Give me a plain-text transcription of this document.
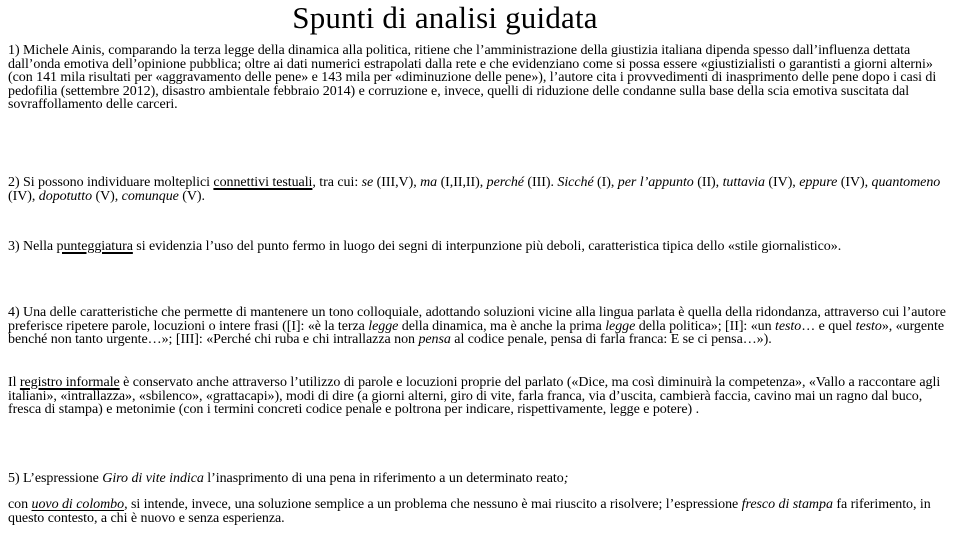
Spunti di analisi guidata
1) Michele Ainis, comparando la terza legge della dinamica alla politica, ritiene che l’amministrazione della giustizia italiana dipenda spesso dall’influenza dettata dall’onda emotiva dell’opinione pubblica; oltre ai dati numerici estrapolati dalla rete e che evidenziano come si possa essere «giustizialisti o garantisti a giorni alterni» (con 141 mila risultati per «aggravamento delle pene» e 143 mila per «diminuzione delle pene»), l’autore cita i provvedimenti di inasprimento delle pene dopo i casi di pedofilia (settembre 2012), disastro ambientale febbraio 2014) e corruzione e, invece, quelli di riduzione delle condanne sulla base della scia emotiva suscitata dal sovraffollamento delle carceri.
2) Si possono individuare molteplici connettivi testuali, tra cui: se (III,V), ma (I,II,II), perché (III). Sicché (I), per l’appunto (II), tuttavia (IV), eppure (IV), quantomeno (IV), dopotutto (V), comunque (V).
3) Nella punteggiatura si evidenzia l’uso del punto fermo in luogo dei segni di interpunzione più deboli, caratteristica tipica dello «stile giornalistico».
4) Una delle caratteristiche che permette di mantenere un tono colloquiale, adottando soluzioni vicine alla lingua parlata è quella della ridondanza, attraverso cui l’autore preferisce ripetere parole, locuzioni o intere frasi ([I]: «è la terza legge della dinamica, ma è anche la prima legge della politica»; [II]: «un testo… e quel testo», «urgente benché non tanto urgente…»; [III]: «Perché chi ruba e chi intrallazza non pensa al codice penale, pensa di farla franca: E se ci pensa…»).
Il registro informale è conservato anche attraverso l’utilizzo di parole e locuzioni proprie del parlato («Dice, ma così diminuirà la competenza», «Vallo a raccontare agli italiani», «intrallazza», «sbilenco», «grattacapi»), modi di dire (a giorni alterni, giro di vite, farla franca, via d’uscita, cambierà faccia, cavino mai un ragno dal buco, fresca di stampa) e metonimie (con i termini concreti codice penale e poltrona per indicare, rispettivamente, legge e potere) .
5) L’espressione Giro di vite indica l’inasprimento di una pena in riferimento a un determinato reato;
con uovo di colombo, si intende, invece, una soluzione semplice a un problema che nessuno è mai riuscito a risolvere; l’espressione fresco di stampa fa riferimento, in questo contesto, a chi è nuovo e senza esperienza.
